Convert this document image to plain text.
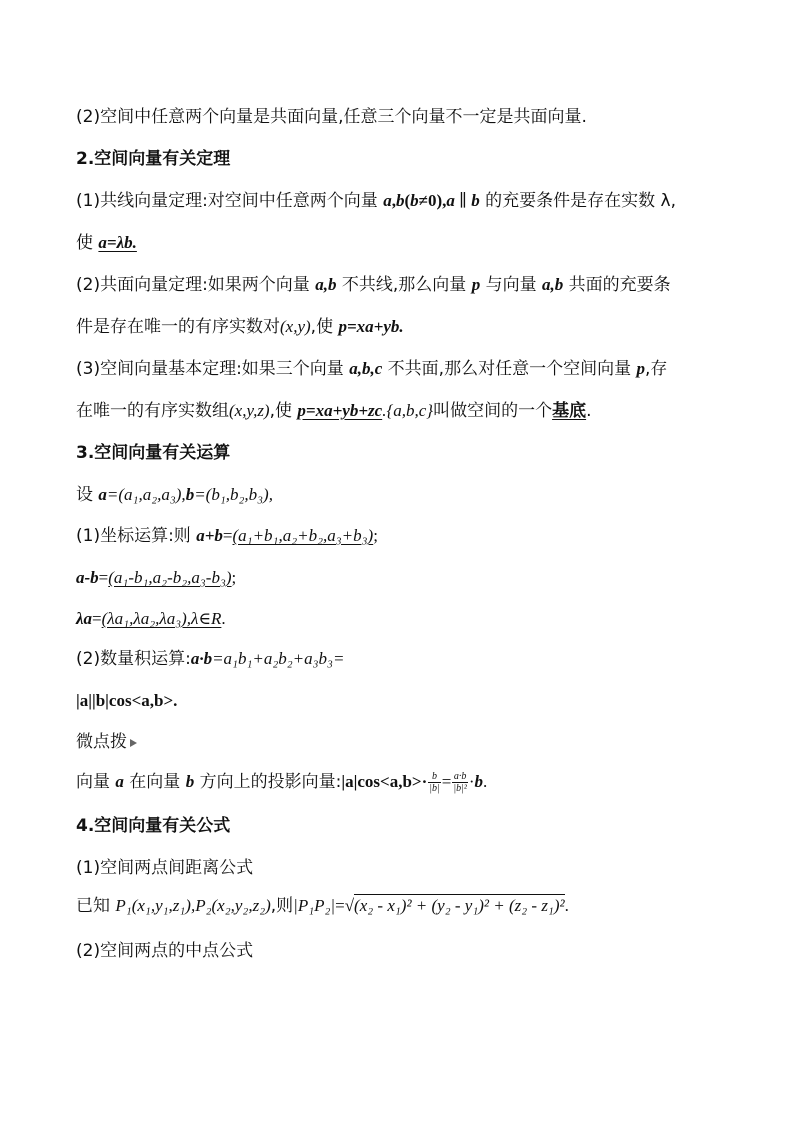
(2)空间中任意两个向量是共面向量,任意三个向量不一定是共面向量.
2.空间向量有关定理
(1)共线向量定理:对空间中任意两个向量 a,b(b≠0),a ∥ b 的充要条件是存在实数 λ,
使 a=λb.
(2)共面向量定理:如果两个向量 a,b 不共线,那么向量 p 与向量 a,b 共面的充要条
件是存在唯一的有序实数对(x,y),使 p=xa+yb.
(3)空间向量基本定理:如果三个向量 a,b,c 不共面,那么对任意一个空间向量 p,存
在唯一的有序实数组(x,y,z),使 p=xa+yb+zc.{a,b,c}叫做空间的一个基底.
3.空间向量有关运算
设 a=(a₁,a₂,a₃),b=(b₁,b₂,b₃),
(1)坐标运算:则 a+b=(a₁+b₁,a₂+b₂,a₃+b₃);
a-b=(a₁-b₁,a₂-b₂,a₃-b₃);
λa=(λa₁,λa₂,λa₃),λ∈R.
(2)数量积运算:a·b=a₁b₁+a₂b₂+a₃b₃=
|a||b|cos<a,b>.
微点拨
向量 a 在向量 b 方向上的投影向量:|a|cos<a,b>· $\frac{b}{|b|} = \frac{a\cdot b}{\text{|b|²}} \cdot b$.
4.空间向量有关公式
(1)空间两点间距离公式
已知 P₁(x₁,y₁,z₁),P₂(x₂,y₂,z₂),则|P₁P₂|=√(x₂ - x₁)² + (y₂ - y₁)² + (z₂ - z₁)².
(2)空间两点的中点公式
